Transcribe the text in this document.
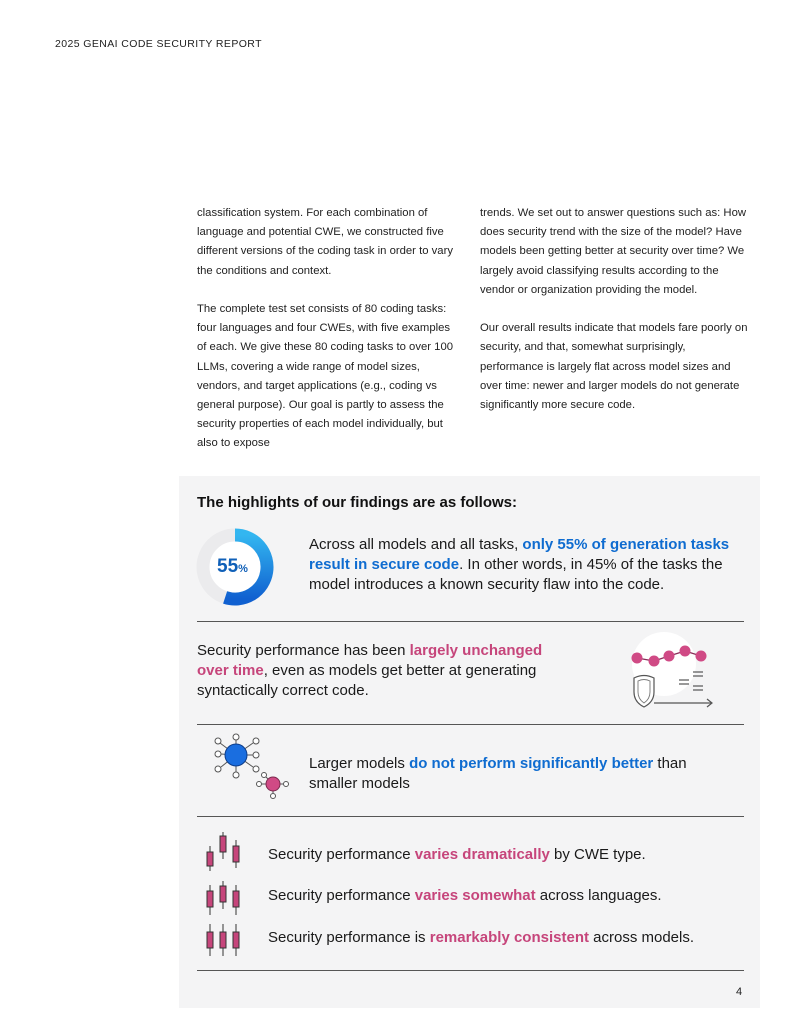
2025 GENAI CODE SECURITY REPORT

classification system. For each combination of language and potential CWE, we constructed five different versions of the coding task in order to vary the conditions and context.

The complete test set consists of 80 coding tasks: four languages and four CWEs, with five examples of each. We give these 80 coding tasks to over 100 LLMs, covering a wide range of model sizes, vendors, and target applications (e.g., coding vs general purpose). Our goal is partly to assess the security properties of each model individually, but also to expose

trends. We set out to answer questions such as: How does security trend with the size of the model? Have models been getting better at security over time? We largely avoid classifying results according to the vendor or organization providing the model.

Our overall results indicate that models fare poorly on security, and that, somewhat surprisingly, performance is largely flat across model sizes and over time: newer and larger models do not generate significantly more secure code.

The highlights of our findings are as follows:
55%
Across all models and all tasks, only 55% of generation tasks result in secure code. In other words, in 45% of the tasks the model introduces a known security flaw into the code.
Security performance has been largely unchanged over time, even as models get better at generating syntactically correct code.
Larger models do not perform significantly better than smaller models
Security performance varies dramatically by CWE type.
Security performance varies somewhat across languages.
Security performance is remarkably consistent across models.
4
